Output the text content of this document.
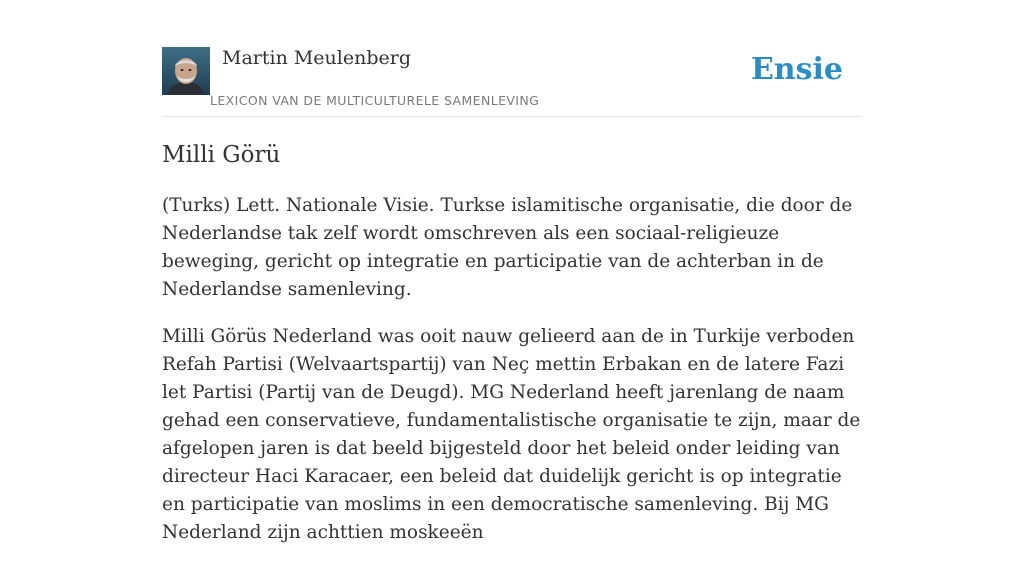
Martin Meulenberg
LEXICON VAN DE MULTICULTURELE SAMENLEVING
Ensie
Milli Görü

(Turks) Lett. Nationale Visie. Turkse islamitische organisatie, die door de Nederlandse tak zelf wordt omschreven als een sociaal-religieuze beweging, gericht op integratie en participatie van de achterban in de Nederlandse samenleving.

Milli Görüs Nederland was ooit nauw gelieerd aan de in Turkije verboden Refah Partisi (Welvaartspartij) van Neç mettin Erbakan en de latere Fazi let Partisi (Partij van de Deugd). MG Nederland heeft jarenlang de naam gehad een conservatieve, fundamentalistische organisatie te zijn, maar de afgelopen jaren is dat beeld bijgesteld door het beleid onder leiding van directeur Haci Karacaer, een beleid dat duidelijk gericht is op integratie en participatie van moslims in een democratische samenleving. Bij MG Nederland zijn achttien moskeeën
